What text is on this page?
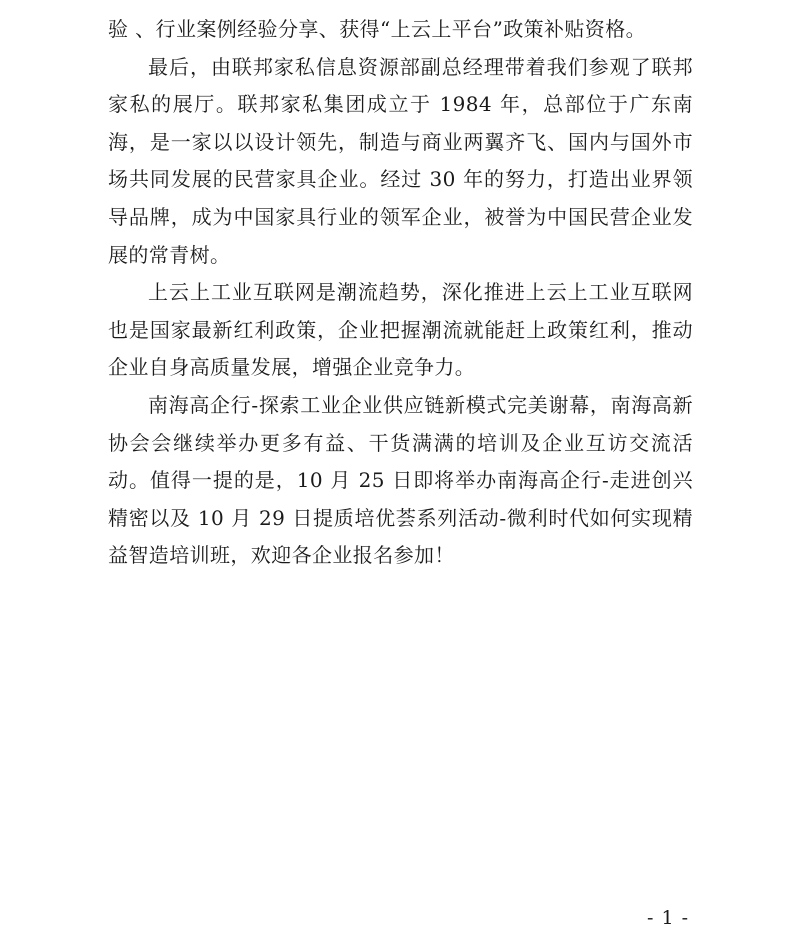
验 、行业案例经验分享、获得“上云上平台”政策补贴资格。

最后，由联邦家私信息资源部副总经理带着我们参观了联邦家私的展厅。联邦家私集团成立于 1984 年，总部位于广东南海，是一家以以设计领先，制造与商业两翼齐飞、国内与国外市场共同发展的民营家具企业。经过 30 年的努力，打造出业界领导品牌，成为中国家具行业的领军企业，被誉为中国民营企业发展的常青树。

上云上工业互联网是潮流趋势，深化推进上云上工业互联网也是国家最新红利政策，企业把握潮流就能赶上政策红利，推动企业自身高质量发展，增强企业竞争力。

南海高企行-探索工业企业供应链新模式完美谢幕，南海高新协会会继续举办更多有益、干货满满的培训及企业互访交流活动。值得一提的是，10 月 25 日即将举办南海高企行-走进创兴精密以及 10 月 29 日提质培优荟系列活动-微利时代如何实现精益智造培训班，欢迎各企业报名参加！

- 1 -
